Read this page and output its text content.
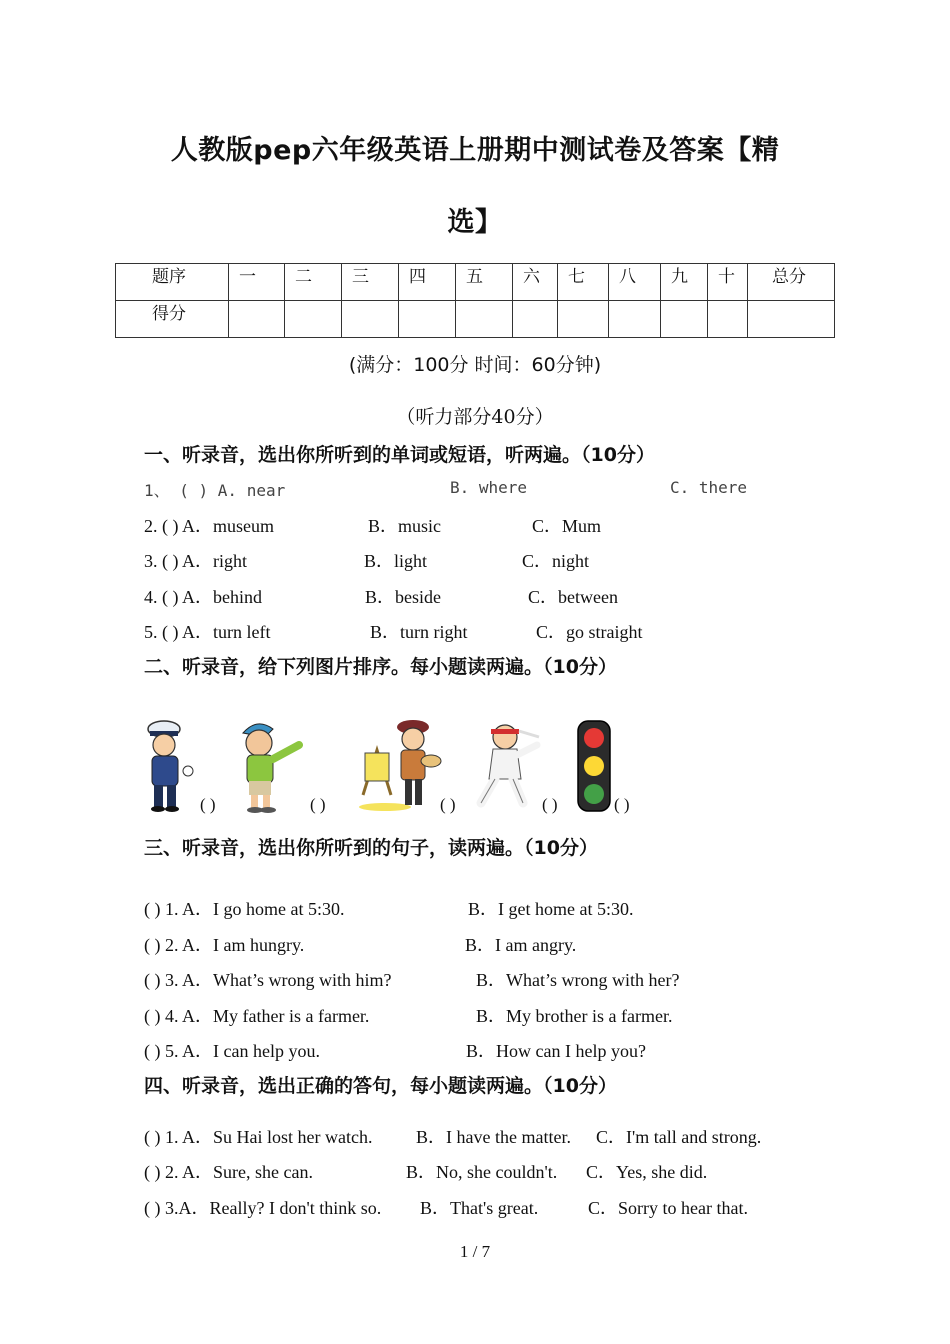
人教版pep六年级英语上册期中测试卷及答案【精
选】
题序	一	二	三	四	五	六	七	八	九	十	总分
得分											
(满分：100分 时间：60分钟)
（听力部分40分）
一、听录音，选出你所听到的单词或短语，听两遍。（10分）
1、 ( ) A. near	B. where	C. there
2. ( ) A．museum	B．music	C．Mum
3. ( ) A．right	B．light	C．night
4. ( ) A．behind	B．beside	C．between
5. ( ) A．turn left	B．turn right	C．go straight
二、听录音，给下列图片排序。每小题读两遍。（10分）
( )	( )	( )	( )	( )
三、听录音，选出你所听到的句子，读两遍。（10分）
( ) 1. A．I go home at 5:30.	B．I get home at 5:30.
( ) 2. A．I am hungry.	B．I am angry.
( ) 3. A．What’s wrong with him?	B．What’s wrong with her?
( ) 4. A．My father is a farmer.	B．My brother is a farmer.
( ) 5. A．I can help you.	B．How can I help you?
四、听录音，选出正确的答句，每小题读两遍。（10分）
( ) 1. A．Su Hai lost her watch. B．I have the matter. C．I'm tall and strong.
( ) 2. A．Sure, she can.	B．No, she couldn't. C．Yes, she did.
( ) 3.A．Really? I don't think so. B．That's great.	C．Sorry to hear that.
1 / 7
